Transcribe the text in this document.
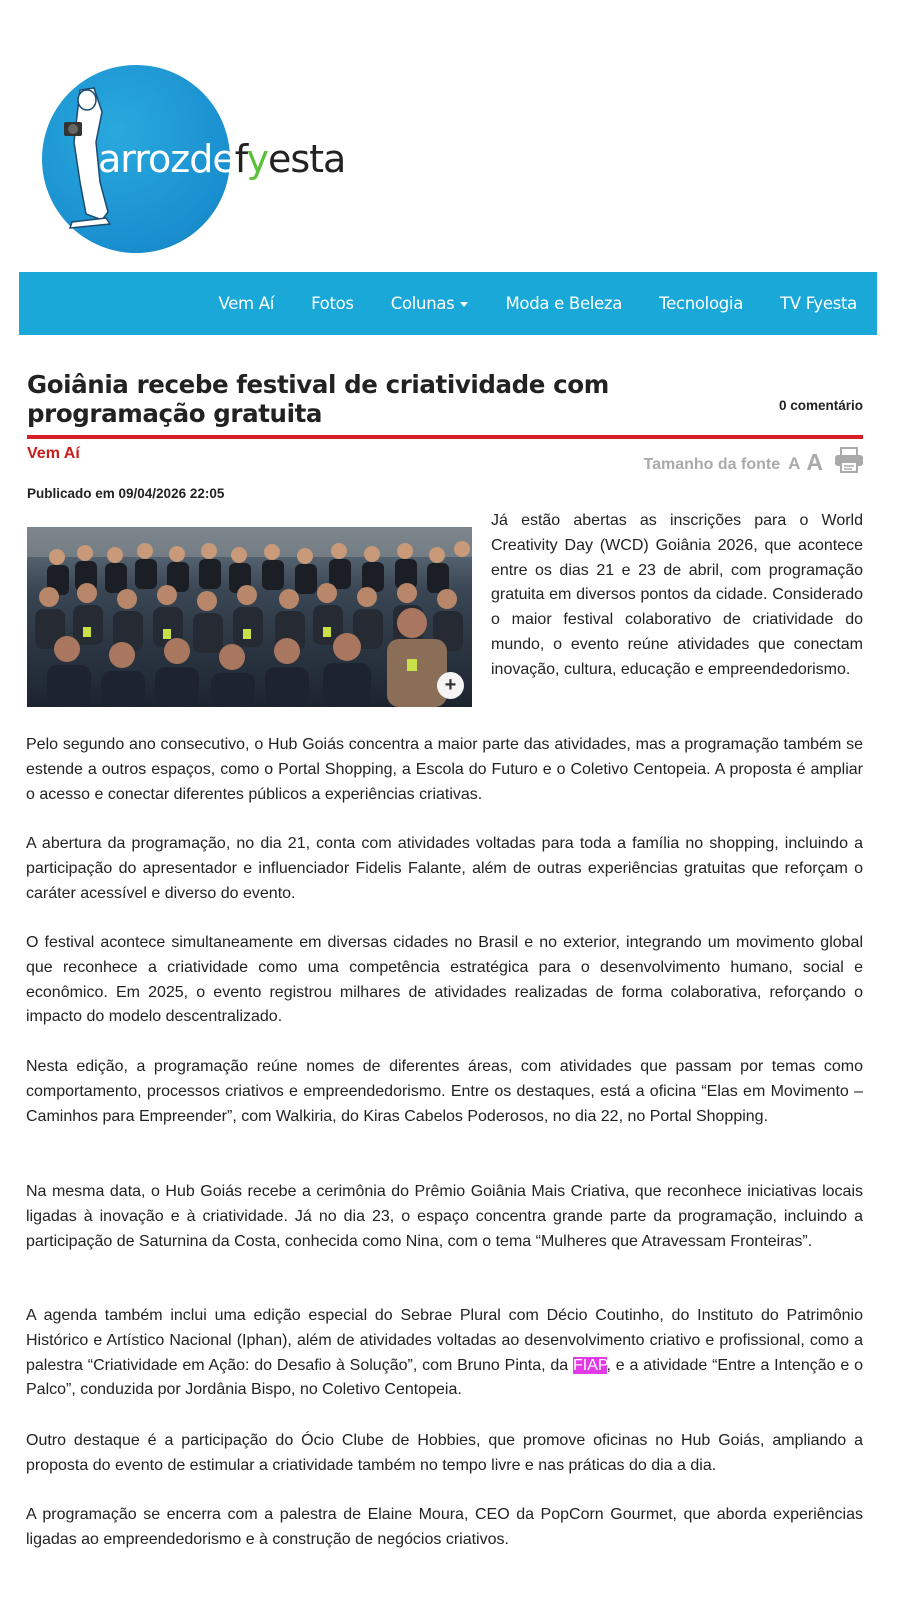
arrozdefyesta
Vem Aí Fotos Colunas	Moda e Beleza Tecnologia TV Fyesta
Goiânia recebe festival de criatividade com programação gratuita	0 comentário
Vem Aí
Tamanho da fonte A A
Publicado em 09/04/2026 22:05
+

Já estão abertas as inscrições para o World Creativity Day (WCD) Goiânia 2026, que acontece entre os dias 21 e 23 de abril, com programação gratuita em diversos pontos da cidade. Considerado o maior festival colaborativo de criatividade do mundo, o evento reúne atividades que conectam inovação, cultura, educação e empreendedorismo.

Pelo segundo ano consecutivo, o Hub Goiás concentra a maior parte das atividades, mas a programação também se estende a outros espaços, como o Portal Shopping, a Escola do Futuro e o Coletivo Centopeia. A proposta é ampliar o acesso e conectar diferentes públicos a experiências criativas.

A abertura da programação, no dia 21, conta com atividades voltadas para toda a família no shopping, incluindo a participação do apresentador e influenciador Fidelis Falante, além de outras experiências gratuitas que reforçam o caráter acessível e diverso do evento.

O festival acontece simultaneamente em diversas cidades no Brasil e no exterior, integrando um movimento global que reconhece a criatividade como uma competência estratégica para o desenvolvimento humano, social e econômico. Em 2025, o evento registrou milhares de atividades realizadas de forma colaborativa, reforçando o impacto do modelo descentralizado.

Nesta edição, a programação reúne nomes de diferentes áreas, com atividades que passam por temas como comportamento, processos criativos e empreendedorismo. Entre os destaques, está a oficina “Elas em Movimento – Caminhos para Empreender”, com Walkiria, do Kiras Cabelos Poderosos, no dia 22, no Portal Shopping.

Na mesma data, o Hub Goiás recebe a cerimônia do Prêmio Goiânia Mais Criativa, que reconhece iniciativas locais ligadas à inovação e à criatividade. Já no dia 23, o espaço concentra grande parte da programação, incluindo a participação de Saturnina da Costa, conhecida como Nina, com o tema “Mulheres que Atravessam Fronteiras”.

A agenda também inclui uma edição especial do Sebrae Plural com Décio Coutinho, do Instituto do Patrimônio Histórico e Artístico Nacional (Iphan), além de atividades voltadas ao desenvolvimento criativo e profissional, como a palestra “Criatividade em Ação: do Desafio à Solução”, com Bruno Pinta, da FIAP, e a atividade “Entre a Intenção e o Palco”, conduzida por Jordânia Bispo, no Coletivo Centopeia.

Outro destaque é a participação do Ócio Clube de Hobbies, que promove oficinas no Hub Goiás, ampliando a proposta do evento de estimular a criatividade também no tempo livre e nas práticas do dia a dia.

A programação se encerra com a palestra de Elaine Moura, CEO da PopCorn Gourmet, que aborda experiências ligadas ao empreendedorismo e à construção de negócios criativos.
